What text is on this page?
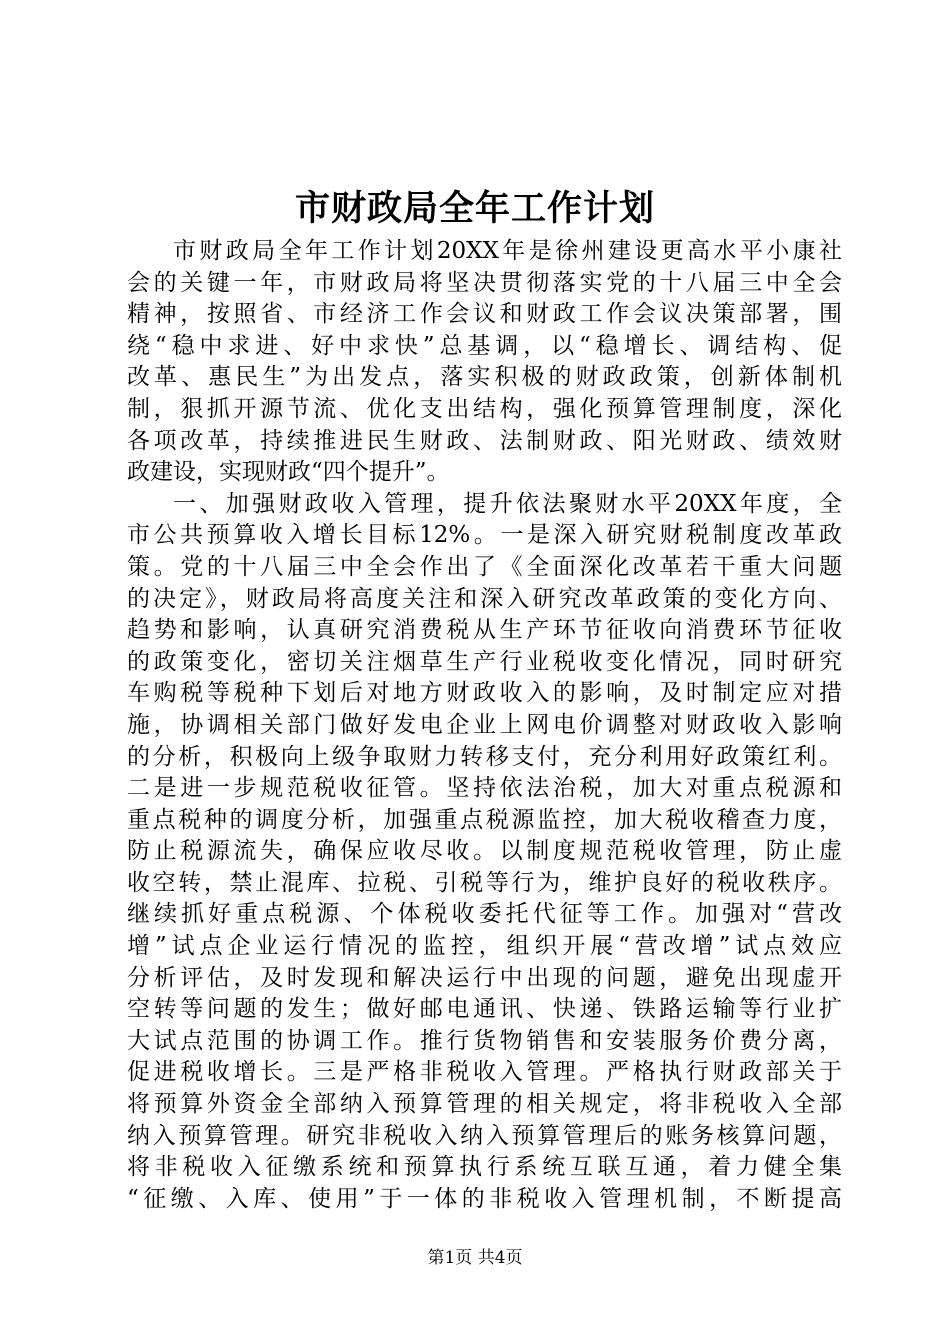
市财政局全年工作计划
市财政局全年工作计划20XX年是徐州建设更高水平小康社
会的关键一年，市财政局将坚决贯彻落实党的十八届三中全会
精神，按照省、市经济工作会议和财政工作会议决策部署，围
绕“稳中求进、好中求快”总基调，以“稳增长、调结构、促
改革、惠民生”为出发点，落实积极的财政政策，创新体制机
制，狠抓开源节流、优化支出结构，强化预算管理制度，深化
各项改革，持续推进民生财政、法制财政、阳光财政、绩效财
政建设，实现财政“四个提升”。
一、加强财政收入管理，提升依法聚财水平20XX年度，全
市公共预算收入增长目标12%。一是深入研究财税制度改革政
策。党的十八届三中全会作出了《全面深化改革若干重大问题
的决定》，财政局将高度关注和深入研究改革政策的变化方向、
趋势和影响，认真研究消费税从生产环节征收向消费环节征收
的政策变化，密切关注烟草生产行业税收变化情况，同时研究
车购税等税种下划后对地方财政收入的影响，及时制定应对措
施，协调相关部门做好发电企业上网电价调整对财政收入影响
的分析，积极向上级争取财力转移支付，充分利用好政策红利。
二是进一步规范税收征管。坚持依法治税，加大对重点税源和
重点税种的调度分析，加强重点税源监控，加大税收稽查力度，
防止税源流失，确保应收尽收。以制度规范税收管理，防止虚
收空转，禁止混库、拉税、引税等行为，维护良好的税收秩序。
继续抓好重点税源、个体税收委托代征等工作。加强对“营改
增”试点企业运行情况的监控，组织开展“营改增”试点效应
分析评估，及时发现和解决运行中出现的问题，避免出现虚开
空转等问题的发生；做好邮电通讯、快递、铁路运输等行业扩
大试点范围的协调工作。推行货物销售和安装服务价费分离，
促进税收增长。三是严格非税收入管理。严格执行财政部关于
将预算外资金全部纳入预算管理的相关规定，将非税收入全部
纳入预算管理。研究非税收入纳入预算管理后的账务核算问题，
将非税收入征缴系统和预算执行系统互联互通，着力健全集
“征缴、入库、使用”于一体的非税收入管理机制，不断提高
第1页 共4页
